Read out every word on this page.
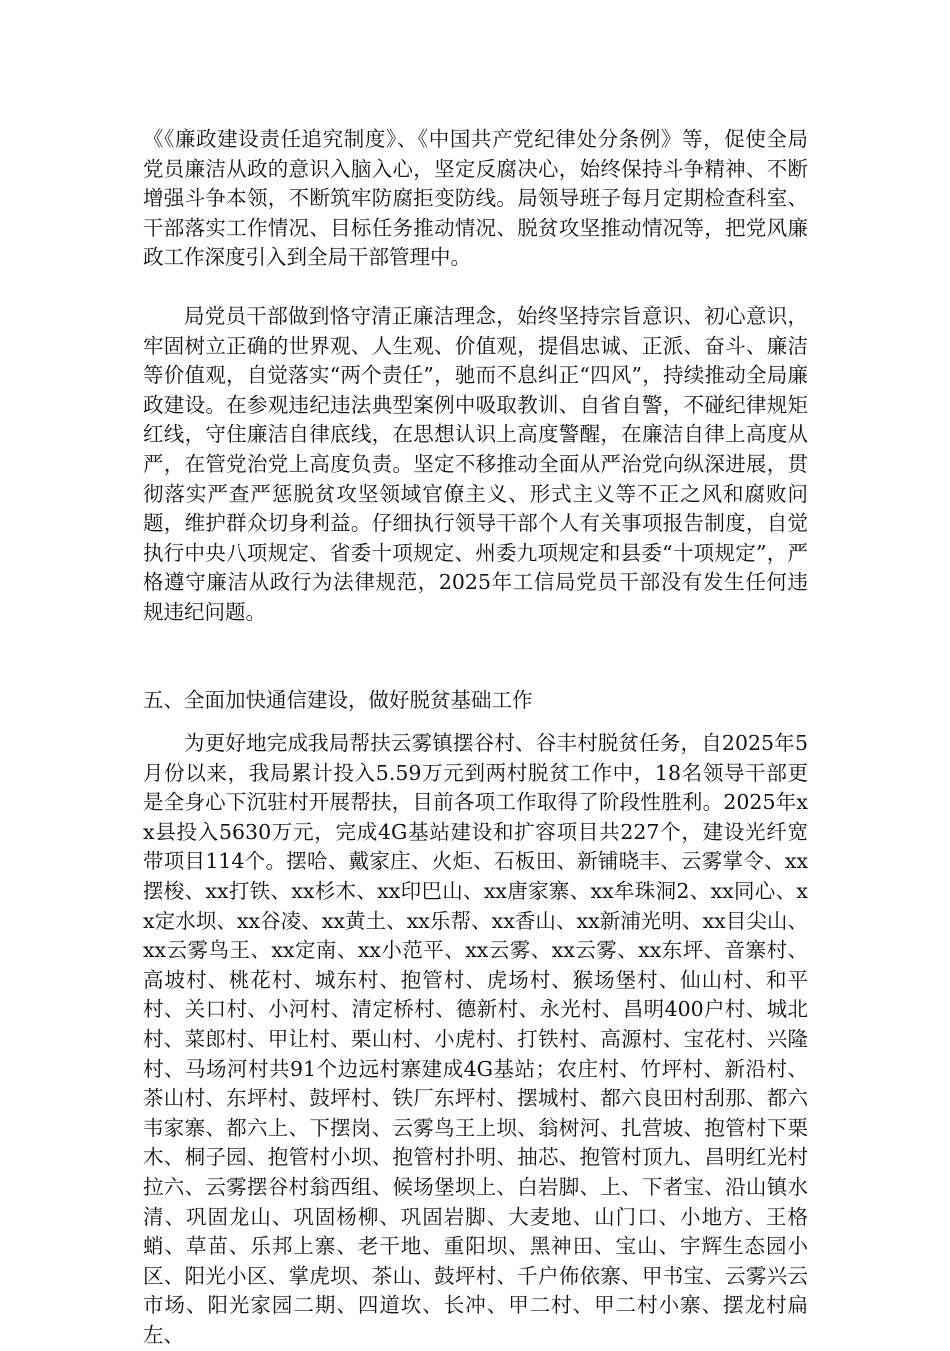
《《廉政建设责任追究制度》、《中国共产党纪律处分条例》等，促使全局党员廉洁从政的意识入脑入心，坚定反腐决心，始终保持斗争精神、不断增强斗争本领，不断筑牢防腐拒变防线。局领导班子每月定期检查科室、干部落实工作情况、目标任务推动情况、脱贫攻坚推动情况等，把党风廉政工作深度引入到全局干部管理中。

局党员干部做到恪守清正廉洁理念，始终坚持宗旨意识、初心意识，牢固树立正确的世界观、人生观、价值观，提倡忠诚、正派、奋斗、廉洁等价值观，自觉落实“两个责任”，驰而不息纠正“四风”，持续推动全局廉政建设。在参观违纪违法典型案例中吸取教训、自省自警，不碰纪律规矩红线，守住廉洁自律底线，在思想认识上高度警醒，在廉洁自律上高度从严，在管党治党上高度负责。坚定不移推动全面从严治党向纵深进展，贯彻落实严查严惩脱贫攻坚领域官僚主义、形式主义等不正之风和腐败问题，维护群众切身利益。仔细执行领导干部个人有关事项报告制度，自觉执行中央八项规定、省委十项规定、州委九项规定和县委“十项规定”，严格遵守廉洁从政行为法律规范，2025年工信局党员干部没有发生任何违规违纪问题。

五、全面加快通信建设，做好脱贫基础工作

为更好地完成我局帮扶云雾镇摆谷村、谷丰村脱贫任务，自2025年5月份以来，我局累计投入5.59万元到两村脱贫工作中，18名领导干部更是全身心下沉驻村开展帮扶，目前各项工作取得了阶段性胜利。2025年xx县投入5630万元，完成4G基站建设和扩容项目共227个，建设光纤宽带项目114个。摆哈、戴家庄、火炬、石板田、新铺晓丰、云雾掌令、xx摆梭、xx打铁、xx杉木、xx印巴山、xx唐家寨、xx牟珠洞2、xx同心、xx定水坝、xx谷凌、xx黄土、xx乐帮、xx香山、xx新浦光明、xx目尖山、xx云雾鸟王、xx定南、xx小范平、xx云雾、xx云雾、xx东坪、音寨村、高坡村、桃花村、城东村、抱管村、虎场村、猴场堡村、仙山村、和平村、关口村、小河村、清定桥村、德新村、永光村、昌明400户村、城北村、菜郎村、甲让村、栗山村、小虎村、打铁村、高源村、宝花村、兴隆村、马场河村共91个边远村寨建成4G基站；农庄村、竹坪村、新沿村、茶山村、东坪村、鼓坪村、铁厂东坪村、摆城村、都六良田村刮那、都六韦家寨、都六上、下摆岗、云雾鸟王上坝、翁树河、扎营坡、抱管村下栗木、桐子园、抱管村小坝、抱管村扑明、抽芯、抱管村顶九、昌明红光村拉六、云雾摆谷村翁西组、候场堡坝上、白岩脚、上、下者宝、沿山镇水清、巩固龙山、巩固杨柳、巩固岩脚、大麦地、山门口、小地方、王格蛸、草苗、乐邦上寨、老干地、重阳坝、黑神田、宝山、宇辉生态园小区、阳光小区、掌虎坝、茶山、鼓坪村、千户佈依寨、甲书宝、云雾兴云市场、阳光家园二期、四道坎、长冲、甲二村、甲二村小寨、摆龙村扁左、
